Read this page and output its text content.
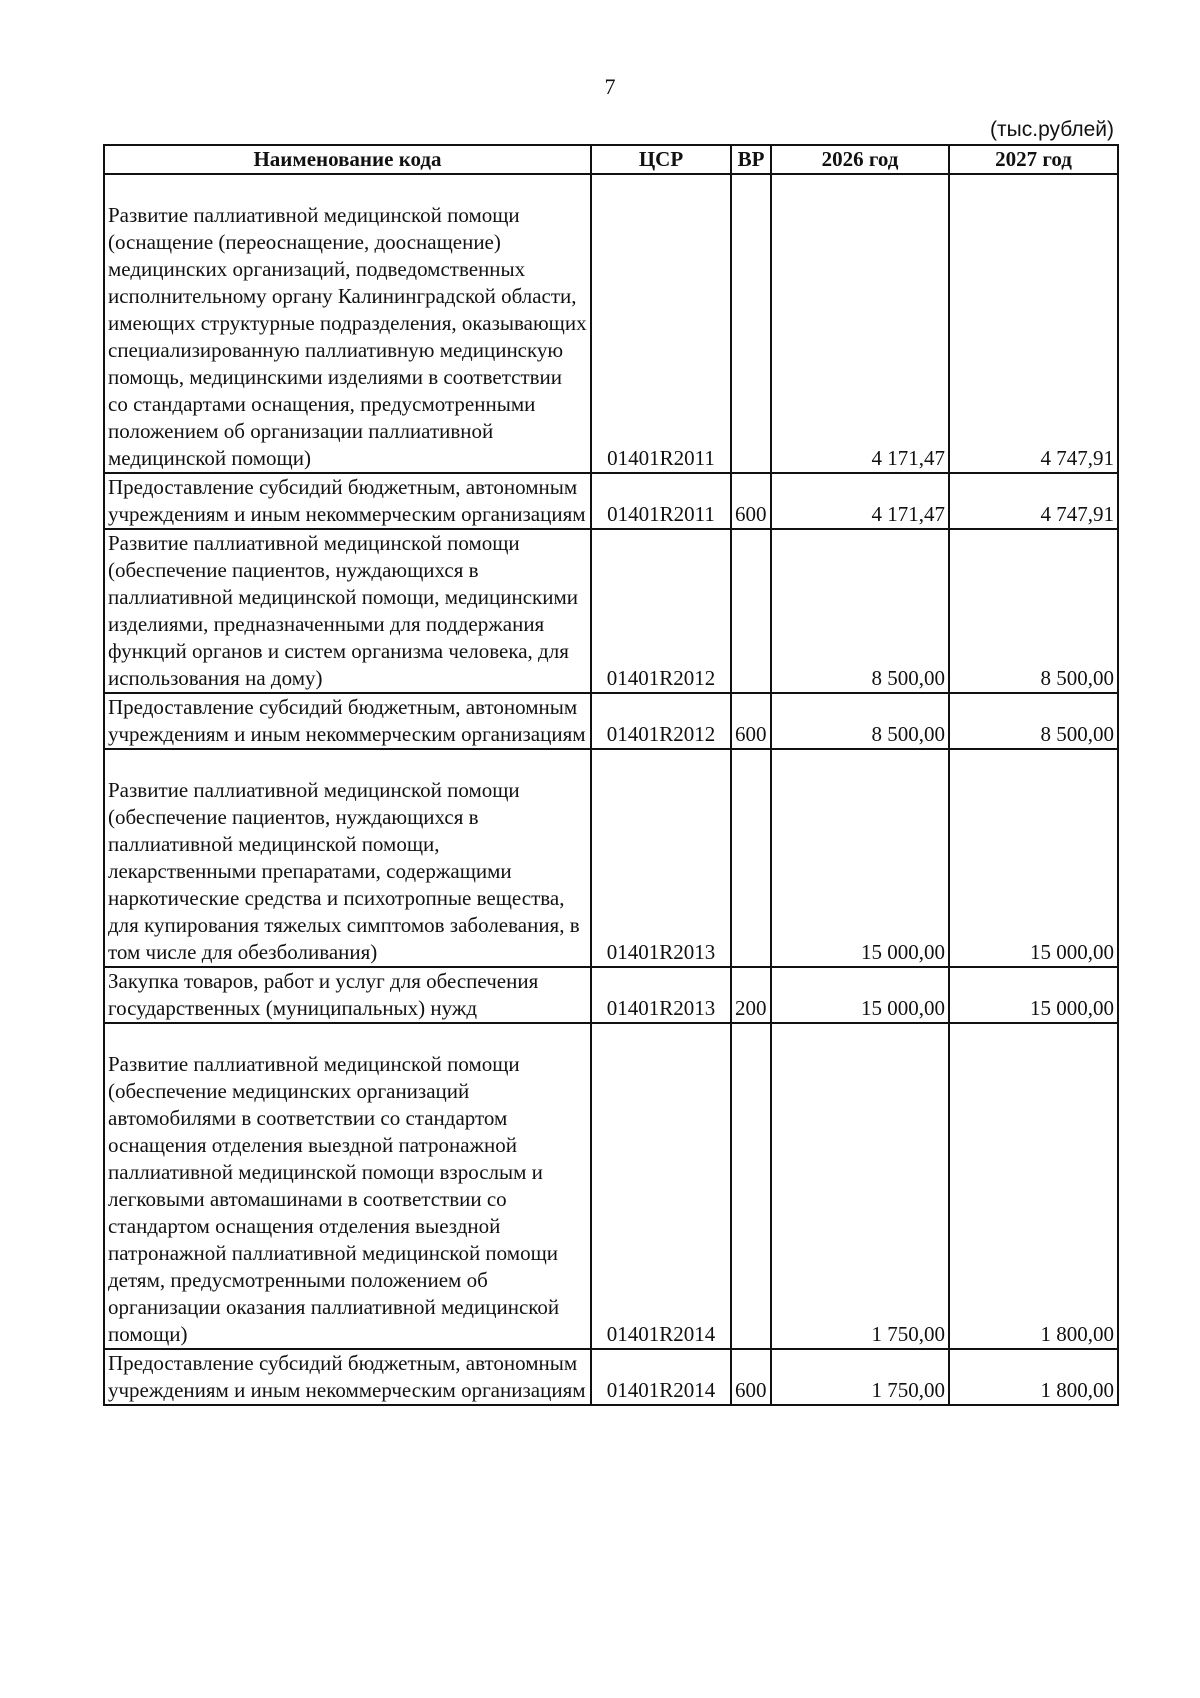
7
(тыс.рублей)
Наименование кода	ЦСР	ВР	2026 год	2027 год

Развитие паллиативной медицинской помощи (оснащение (переоснащение, дооснащение) медицинских организаций, подведомственных исполнительному органу Калининградской области, имеющих структурные подразделения, оказывающих специализированную паллиативную медицинскую помощь, медицинскими изделиями в соответствии со стандартами оснащения, предусмотренными положением об организации паллиативной медицинской помощи)	01401R2011		4 171,47	4 747,91
Предоставление субсидий бюджетным, автономным учреждениям и иным некоммерческим организациям	01401R2011	600	4 171,47	4 747,91
Развитие паллиативной медицинской помощи (обеспечение пациентов, нуждающихся в паллиативной медицинской помощи, медицинскими изделиями, предназначенными для поддержания функций органов и систем организма человека, для использования на дому)	01401R2012		8 500,00	8 500,00
Предоставление субсидий бюджетным, автономным учреждениям и иным некоммерческим организациям	01401R2012	600	8 500,00	8 500,00

Развитие паллиативной медицинской помощи (обеспечение пациентов, нуждающихся в паллиативной медицинской помощи, лекарственными препаратами, содержащими наркотические средства и психотропные вещества, для купирования тяжелых симптомов заболевания, в том числе для обезболивания)	01401R2013		15 000,00	15 000,00
Закупка товаров, работ и услуг для обеспечения государственных (муниципальных) нужд	01401R2013	200	15 000,00	15 000,00

Развитие паллиативной медицинской помощи (обеспечение медицинских организаций автомобилями в соответствии со стандартом оснащения отделения выездной патронажной паллиативной медицинской помощи взрослым и легковыми автомашинами в соответствии со стандартом оснащения отделения выездной патронажной паллиативной медицинской помощи детям, предусмотренными положением об организации оказания паллиативной медицинской помощи)	01401R2014		1 750,00	1 800,00
Предоставление субсидий бюджетным, автономным учреждениям и иным некоммерческим организациям	01401R2014	600	1 750,00	1 800,00
